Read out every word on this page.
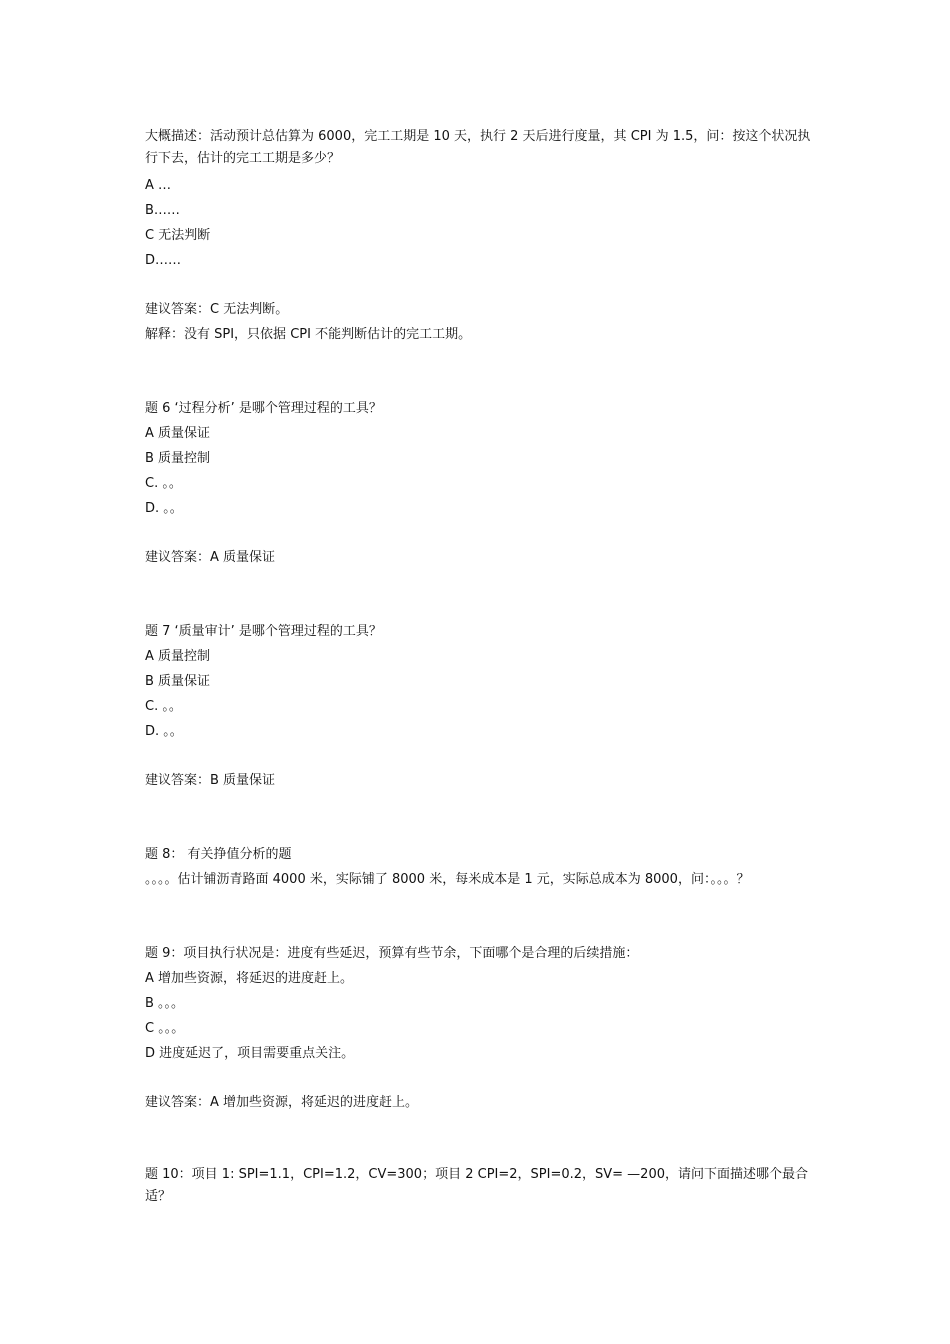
大概描述：活动预计总估算为 6000，完工工期是 10 天，执行 2 天后进行度量，其 CPI 为 1.5，问：按这个状况执行下去，估计的完工工期是多少？
A …
B……
C 无法判断
D……
建议答案：C 无法判断。
解释：没有 SPI，只依据 CPI 不能判断估计的完工工期。
题 6 ‘过程分析’ 是哪个管理过程的工具？
A 质量保证
B 质量控制
C. 。。
D. 。。
建议答案：A 质量保证
题 7 ‘质量审计’ 是哪个管理过程的工具？
A 质量控制
B 质量保证
C. 。。
D. 。。
建议答案：B 质量保证
题 8： 有关挣值分析的题
。。。。估计铺沥青路面 4000 米，实际铺了 8000 米，每米成本是 1 元，实际总成本为 8000，问：。。。？
题 9：项目执行状况是：进度有些延迟，预算有些节余，下面哪个是合理的后续措施：
A 增加些资源，将延迟的进度赶上。
B 。。。
C 。。。
D 进度延迟了，项目需要重点关注。
建议答案：A 增加些资源，将延迟的进度赶上。
题 10：项目 1: SPI=1.1，CPI=1.2，CV=300；项目 2 CPI=2，SPI=0.2，SV= —200，请问下面描述哪个最合适？
